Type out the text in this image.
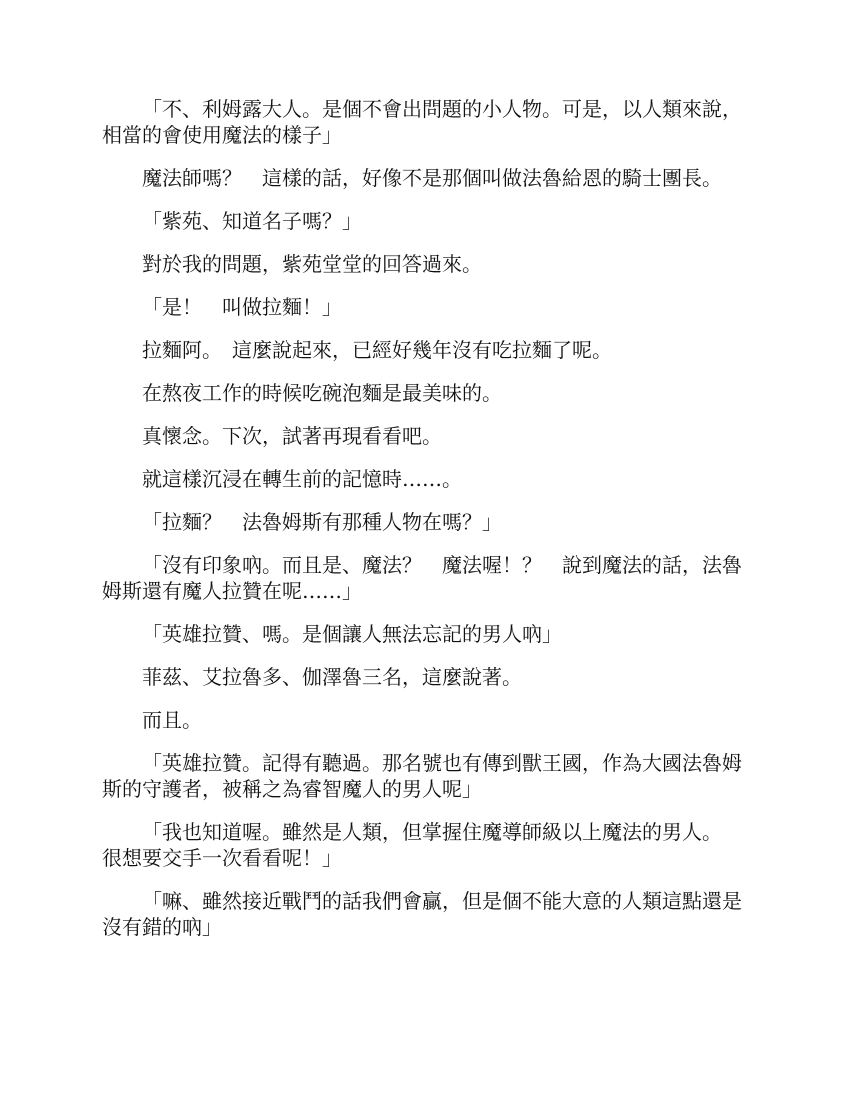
「不、利姆露大人。是個不會出問題的小人物。可是，以人類來說，相當的會使用魔法的樣子」

魔法師嗎？　這樣的話，好像不是那個叫做法魯給恩的騎士團長。

「紫苑、知道名子嗎？」

對於我的問題，紫苑堂堂的回答過來。

「是！　叫做拉麵！」

拉麵阿。　這麼說起來，已經好幾年沒有吃拉麵了呢。

在熬夜工作的時候吃碗泡麵是最美味的。

真懷念。下次，試著再現看看吧。

就這樣沉浸在轉生前的記憶時……。

「拉麵？　法魯姆斯有那種人物在嗎？」

「沒有印象吶。而且是、魔法？　魔法喔！？　說到魔法的話，法魯姆斯還有魔人拉贊在呢……」

「英雄拉贊、嗎。是個讓人無法忘記的男人吶」

菲茲、艾拉魯多、伽澤魯三名，這麼說著。

而且。

「英雄拉贊。記得有聽過。那名號也有傳到獸王國，作為大國法魯姆斯的守護者，被稱之為睿智魔人的男人呢」

「我也知道喔。雖然是人類，但掌握住魔導師級以上魔法的男人。　很想要交手一次看看呢！」

「嘛、雖然接近戰鬥的話我們會贏，但是個不能大意的人類這點還是沒有錯的吶」
